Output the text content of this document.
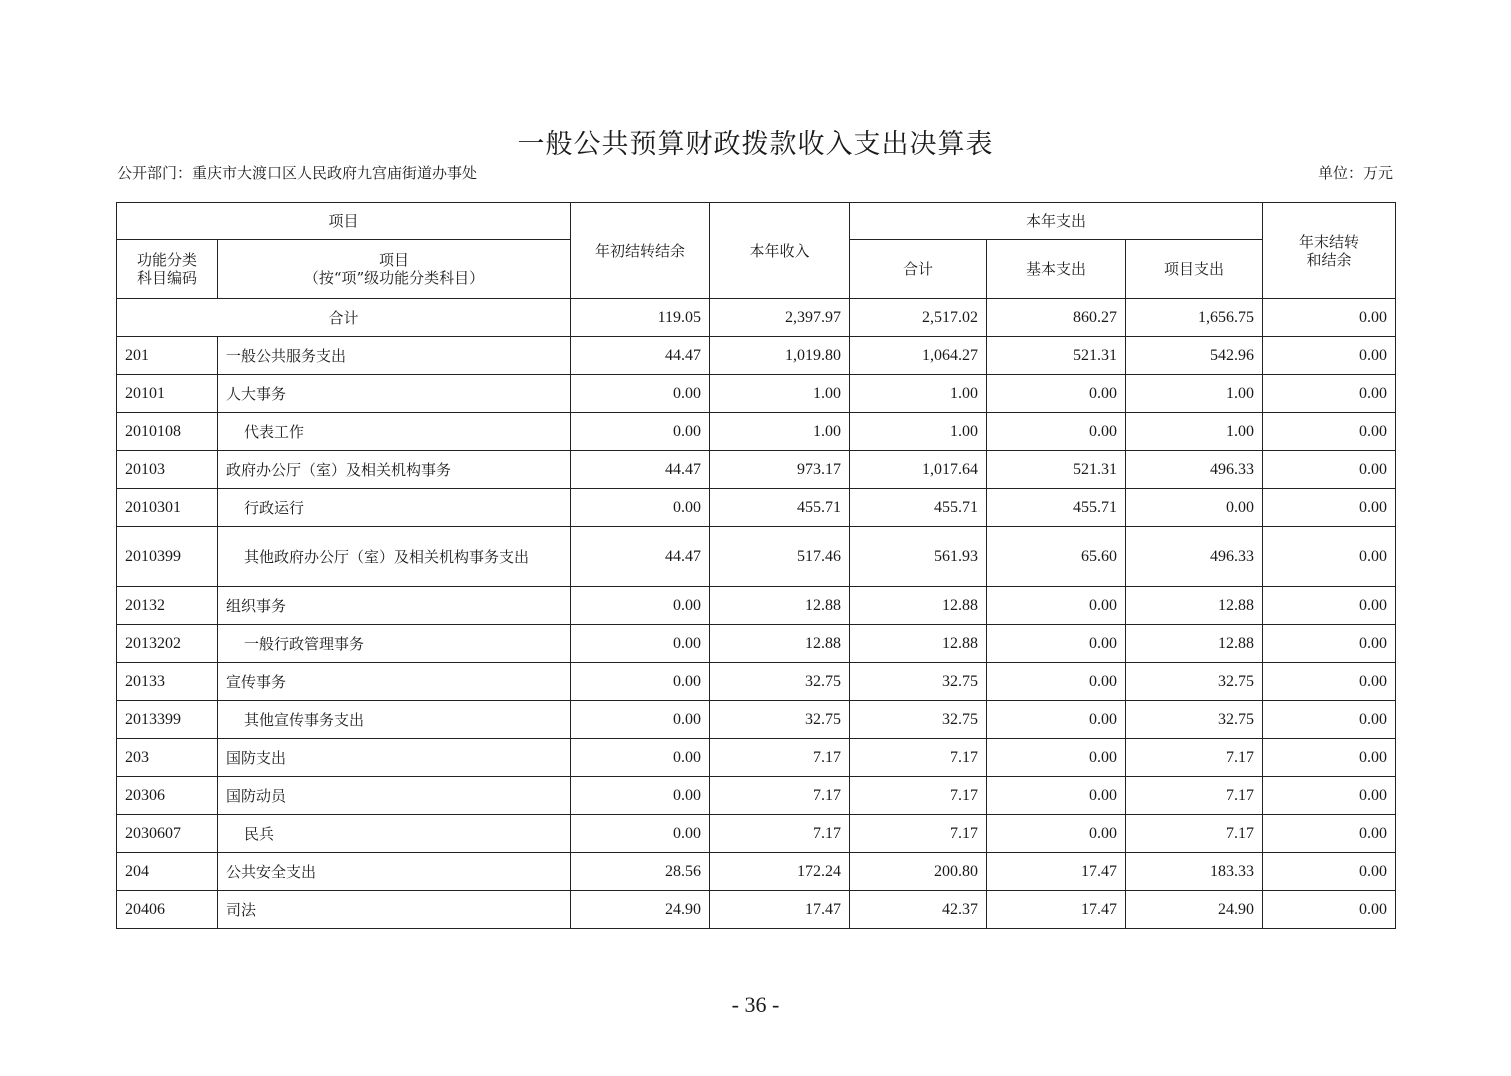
一般公共预算财政拨款收入支出决算表
公开部门：重庆市大渡口区人民政府九宫庙街道办事处	单位：万元
项目		年初结转结余	本年收入	本年支出			年末结转
和结余
功能分类
科目编码	项目
（按“项”级功能分类科目）			合计	基本支出	项目支出	
合计		119.05	2,397.97	2,517.02	860.27	1,656.75	0.00
201	一般公共服务支出	44.47	1,019.80	1,064.27	521.31	542.96	0.00
20101	人大事务	0.00	1.00	1.00	0.00	1.00	0.00
2010108	代表工作	0.00	1.00	1.00	0.00	1.00	0.00
20103	政府办公厅（室）及相关机构事务	44.47	973.17	1,017.64	521.31	496.33	0.00
2010301	行政运行	0.00	455.71	455.71	455.71	0.00	0.00
2010399	其他政府办公厅（室）及相关机构事务支出	44.47	517.46	561.93	65.60	496.33	0.00
20132	组织事务	0.00	12.88	12.88	0.00	12.88	0.00
2013202	一般行政管理事务	0.00	12.88	12.88	0.00	12.88	0.00
20133	宣传事务	0.00	32.75	32.75	0.00	32.75	0.00
2013399	其他宣传事务支出	0.00	32.75	32.75	0.00	32.75	0.00
203	国防支出	0.00	7.17	7.17	0.00	7.17	0.00
20306	国防动员	0.00	7.17	7.17	0.00	7.17	0.00
2030607	民兵	0.00	7.17	7.17	0.00	7.17	0.00
204	公共安全支出	28.56	172.24	200.80	17.47	183.33	0.00
20406	司法	24.90	17.47	42.37	17.47	24.90	0.00
- 36 -
